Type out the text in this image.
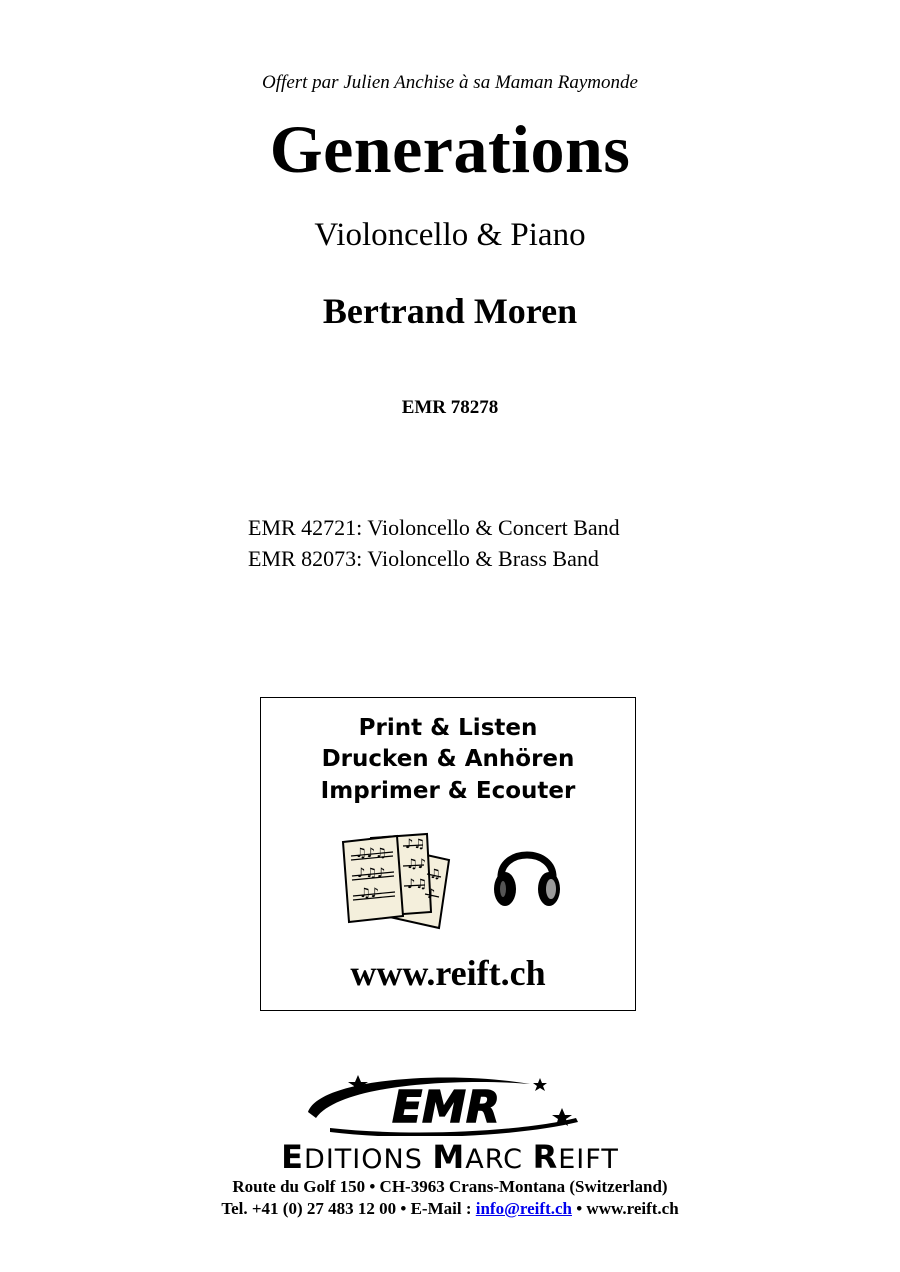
Offert par Julien Anchise à sa Maman Raymonde
Generations
Violoncello & Piano
Bertrand Moren
EMR 78278
EMR 42721: Violoncello & Concert Band
EMR 82073: Violoncello & Brass Band
Print & Listen
Drucken & Anhören
Imprimer & Ecouter
♫♪♫
♪♫♪
♫♪
♪♫
♫♪
♪♫
♫
♪
www.reift.ch
EMR
EDITIONS MARC REIFT
Route du Golf 150 • CH-3963 Crans-Montana (Switzerland)
Tel. +41 (0) 27 483 12 00 • E-Mail : info@reift.ch • www.reift.ch
